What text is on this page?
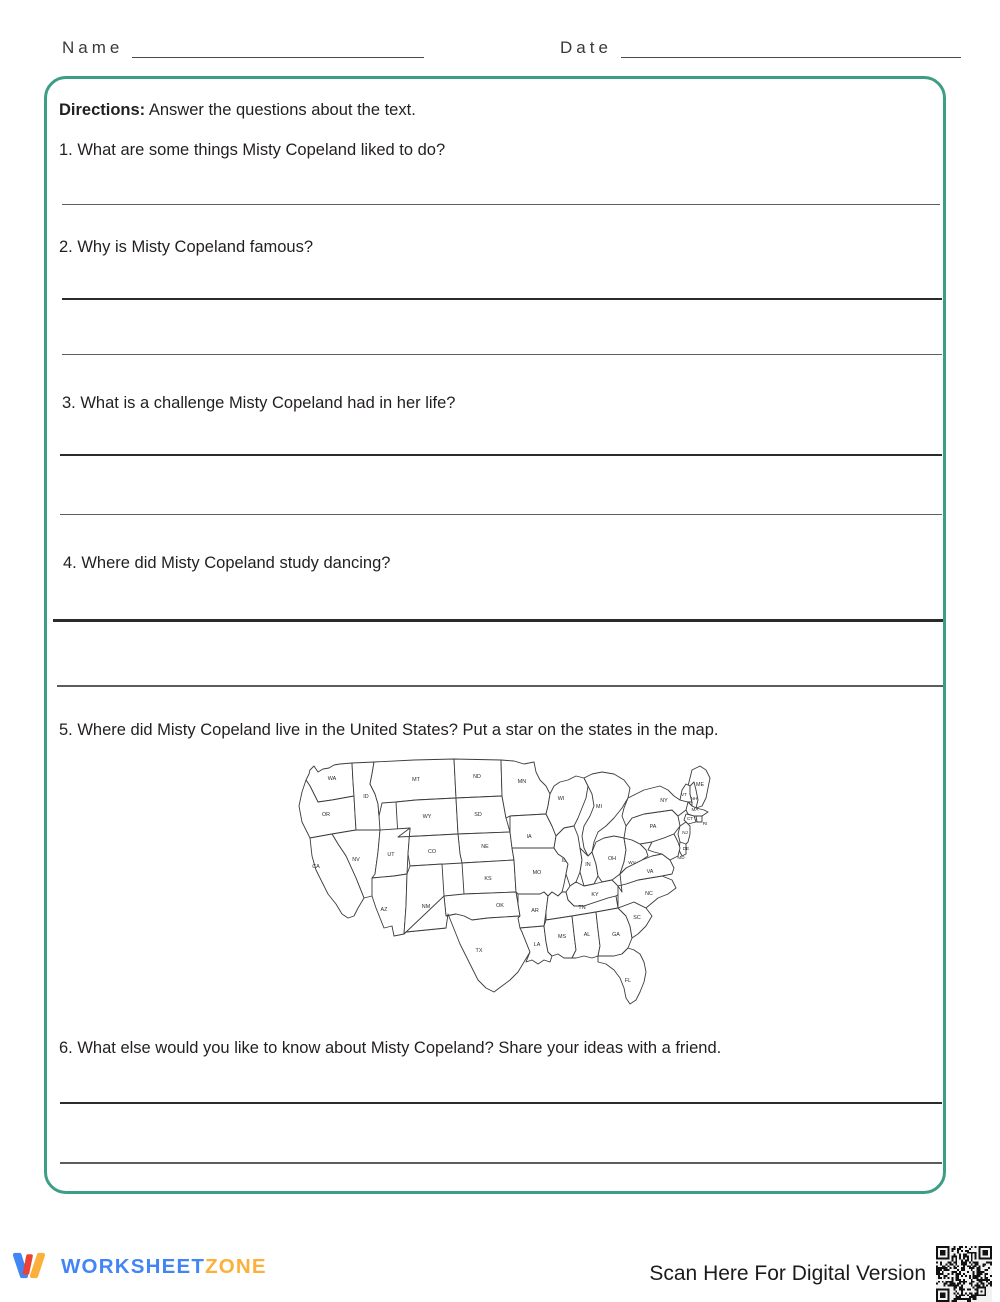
Name	Date
Directions: Answer the questions about the text.
1. What are some things Misty Copeland liked to do?
2. Why is Misty Copeland famous?
3. What is a challenge Misty Copeland had in her life?
4. Where did Misty Copeland study dancing?
5. Where did Misty Copeland live in the United States? Put a star on the states in the map.
WA
OR
ID
MT	ND
MN
WI
MI
NY
ME
VT
NH
MA
CT
RI
NV
UT
WY	SD
IA
IL
IN
OH
PA
NJ
DE
MD
CA
AZ
CO
NE
MO
KY
WV
VA
NC
SC
GA
FL
NM
KS
OK
AR	TN
MS	AL
LA
TX
6. What else would you like to know about Misty Copeland? Share your ideas with a friend.
WORKSHEETZONE	Scan Here For Digital Version
